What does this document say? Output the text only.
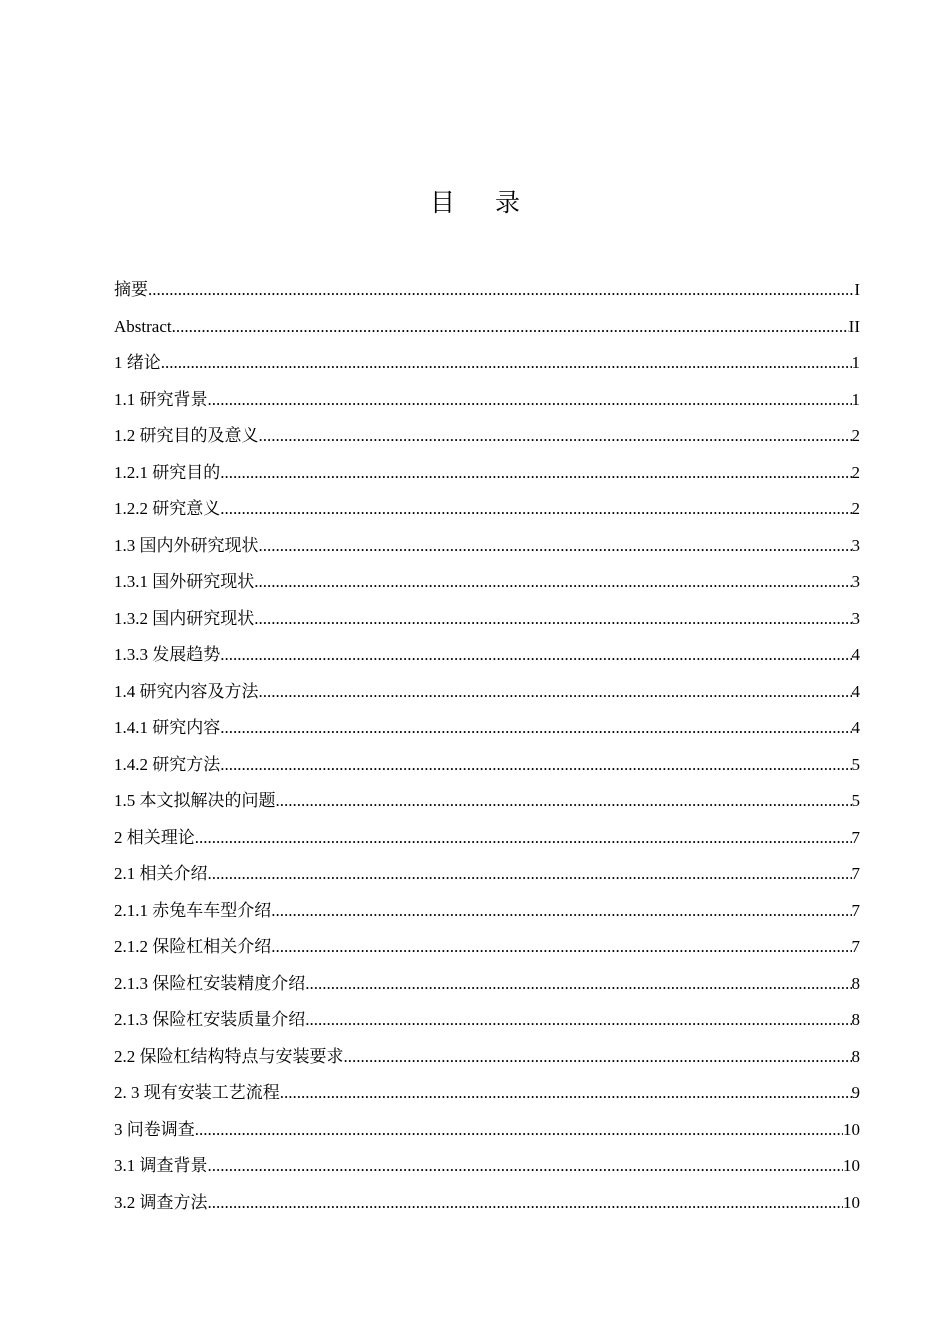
目 录
摘要 .....	I
Abstract .....	II
1 绪论 .....	1
1.1 研究背景 .....	1
1.2 研究目的及意义 .....	2
1.2.1 研究目的 .....	2
1.2.2 研究意义 .....	2
1.3 国内外研究现状 .....	3
1.3.1 国外研究现状 .....	3
1.3.2 国内研究现状 .....	3
1.3.3 发展趋势 .....	4
1.4 研究内容及方法 .....	4
1.4.1 研究内容 .....	4
1.4.2 研究方法 .....	5
1.5 本文拟解决的问题 .....	5
2 相关理论 .....	7
2.1 相关介绍 .....	7
2.1.1 赤兔车车型介绍 .....	7
2.1.2 保险杠相关介绍 .....	7
2.1.3 保险杠安装精度介绍 .....	8
2.1.3 保险杠安装质量介绍 .....	8
2.2 保险杠结构特点与安装要求 .....	8
2. 3 现有安装工艺流程 .....	9
3 问卷调查 .....	10
3.1 调查背景 .....	10
3.2 调查方法 .....	10
